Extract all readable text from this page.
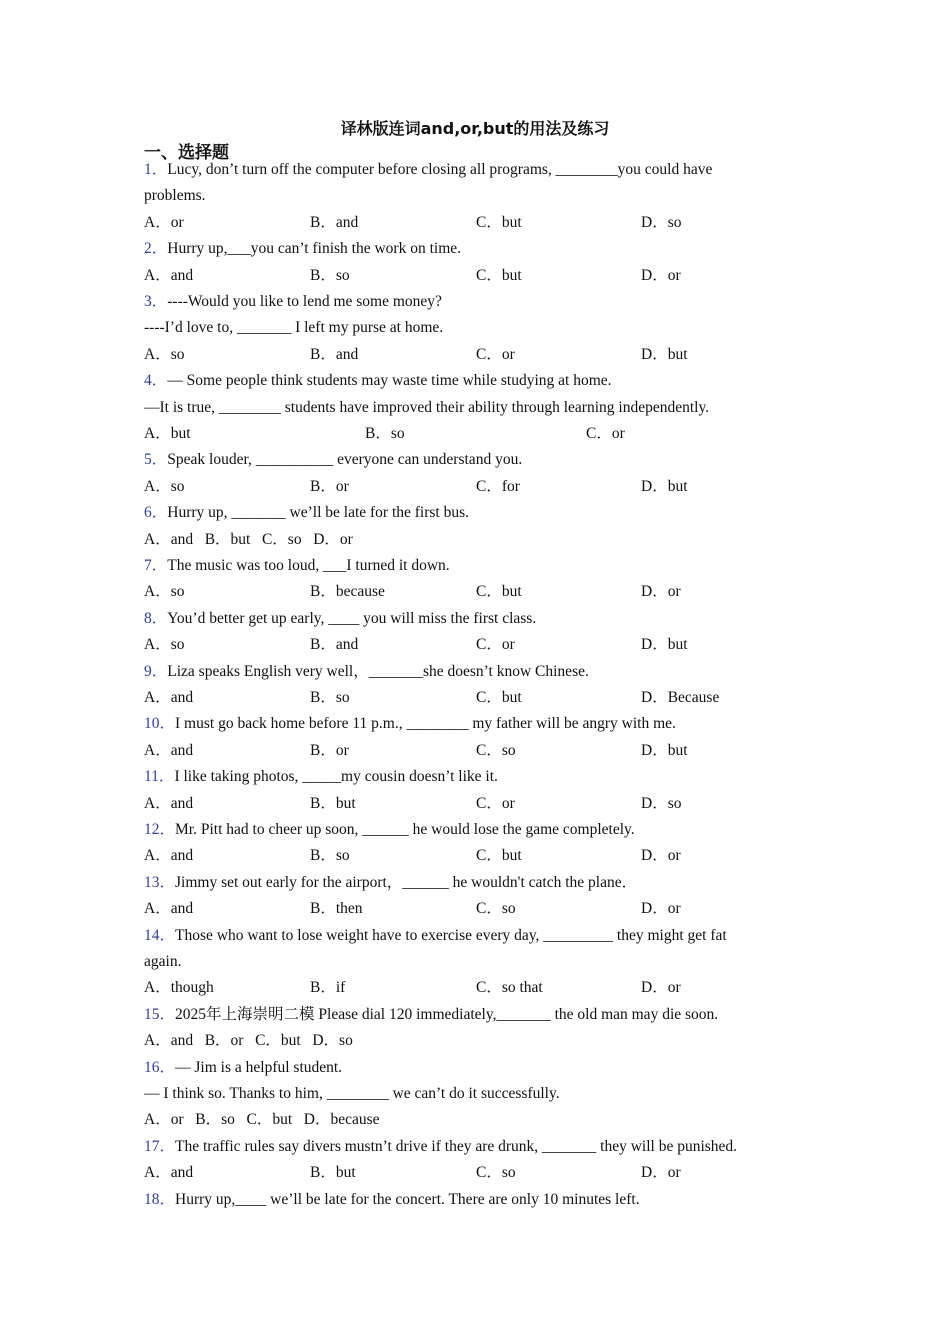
译林版连词and,or,but的用法及练习
一、选择题
1．Lucy, don’t turn off the computer before closing all programs, ________you could have
problems.
A．or	B．and	C．but	D．so
2．Hurry up,___you can’t finish the work on time.
A．and	B．so	C．but	D．or
3．----Would you like to lend me some money?
----I’d love to, _______ I left my purse at home.
A．so	B．and	C．or	D．but
4．— Some people think students may waste time while studying at home.
—It is true, ________ students have improved their ability through learning independently.
A．but	B．so	C．or
5．Speak louder, __________ everyone can understand you.
A．so	B．or	C．for	D．but
6．Hurry up, _______ we’ll be late for the first bus.
A．and   B．but   C．so   D．or
7．The music was too loud, ___I turned it down.
A．so	B．because	C．but	D．or
8．You’d better get up early, ____ you will miss the first class.
A．so	B．and	C．or	D．but
9．Liza speaks English very well，_______she doesn’t know Chinese.
A．and	B．so	C．but	D．Because
10．I must go back home before 11 p.m., ________ my father will be angry with me.
A．and	B．or	C．so	D．but
11．I like taking photos, _____my cousin doesn’t like it.
A．and	B．but	C．or	D．so
12．Mr. Pitt had to cheer up soon, ______ he would lose the game completely.
A．and	B．so	C．but	D．or
13．Jimmy set out early for the airport，______ he wouldn't catch the plane．
A．and	B．then	C．so	D．or
14．Those who want to lose weight have to exercise every day, _________ they might get fat
again.
A．though	B．if	C．so that	D．or
15．2025年上海崇明二模 Please dial 120 immediately,_______ the old man may die soon.
A．and   B．or   C．but   D．so
16．— Jim is a helpful student.
— I think so. Thanks to him, ________ we can’t do it successfully.
A．or   B．so   C．but   D．because
17．The traffic rules say divers mustn’t drive if they are drunk, _______ they will be punished.
A．and	B．but	C．so	D．or
18．Hurry up,____ we’ll be late for the concert. There are only 10 minutes left.
